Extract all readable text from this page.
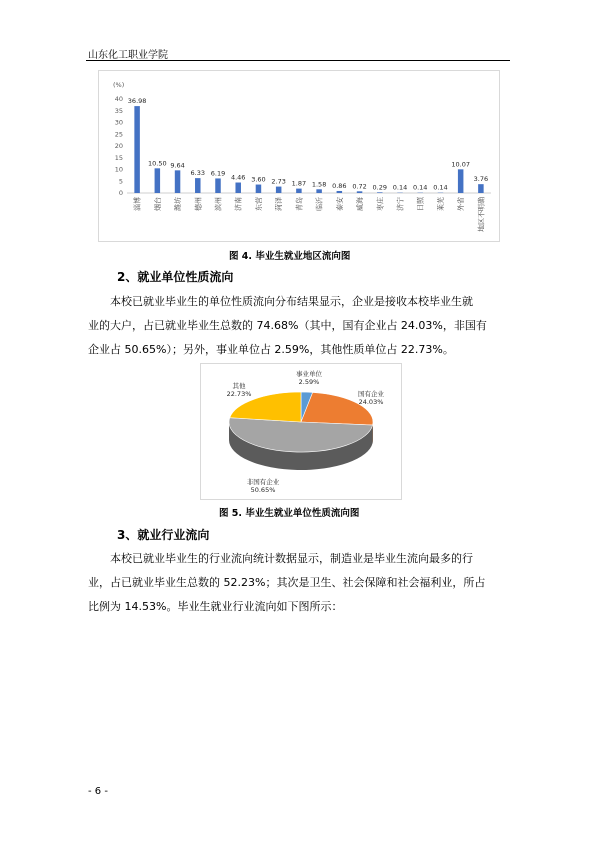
山东化工职业学院
(%)
0
5
10
15
20
25
30
35
40 36.98
淄博
10.50
烟台
9.64
潍坊
6.33
德州
6.19
滨州
4.46
济南
3.60
东营
2.73
菏泽
1.87
青岛
1.58
临沂
0.86
泰安
0.72
威海
0.29
枣庄
0.14
济宁
0.14
日照
0.14
莱芜
10.07
外省
3.76
地区不明确
图 4. 毕业生就业地区流向图
2、就业单位性质流向
本校已就业毕业生的单位性质流向分布结果显示，企业是接收本校毕业生就
业的大户，占已就业毕业生总数的 74.68%（其中，国有企业占 24.03%，非国有
企业占 50.65%）；另外，事业单位占 2.59%，其他性质单位占 22.73%。
事业单位
2.59%
国有企业
24.03%
非国有企业
50.65%
其他
22.73%
图 5. 毕业生就业单位性质流向图
3、就业行业流向
本校已就业毕业生的行业流向统计数据显示，制造业是毕业生流向最多的行
业，占已就业毕业生总数的 52.23%；其次是卫生、社会保障和社会福利业，所占
比例为 14.53%。毕业生就业行业流向如下图所示：
- 6 -
